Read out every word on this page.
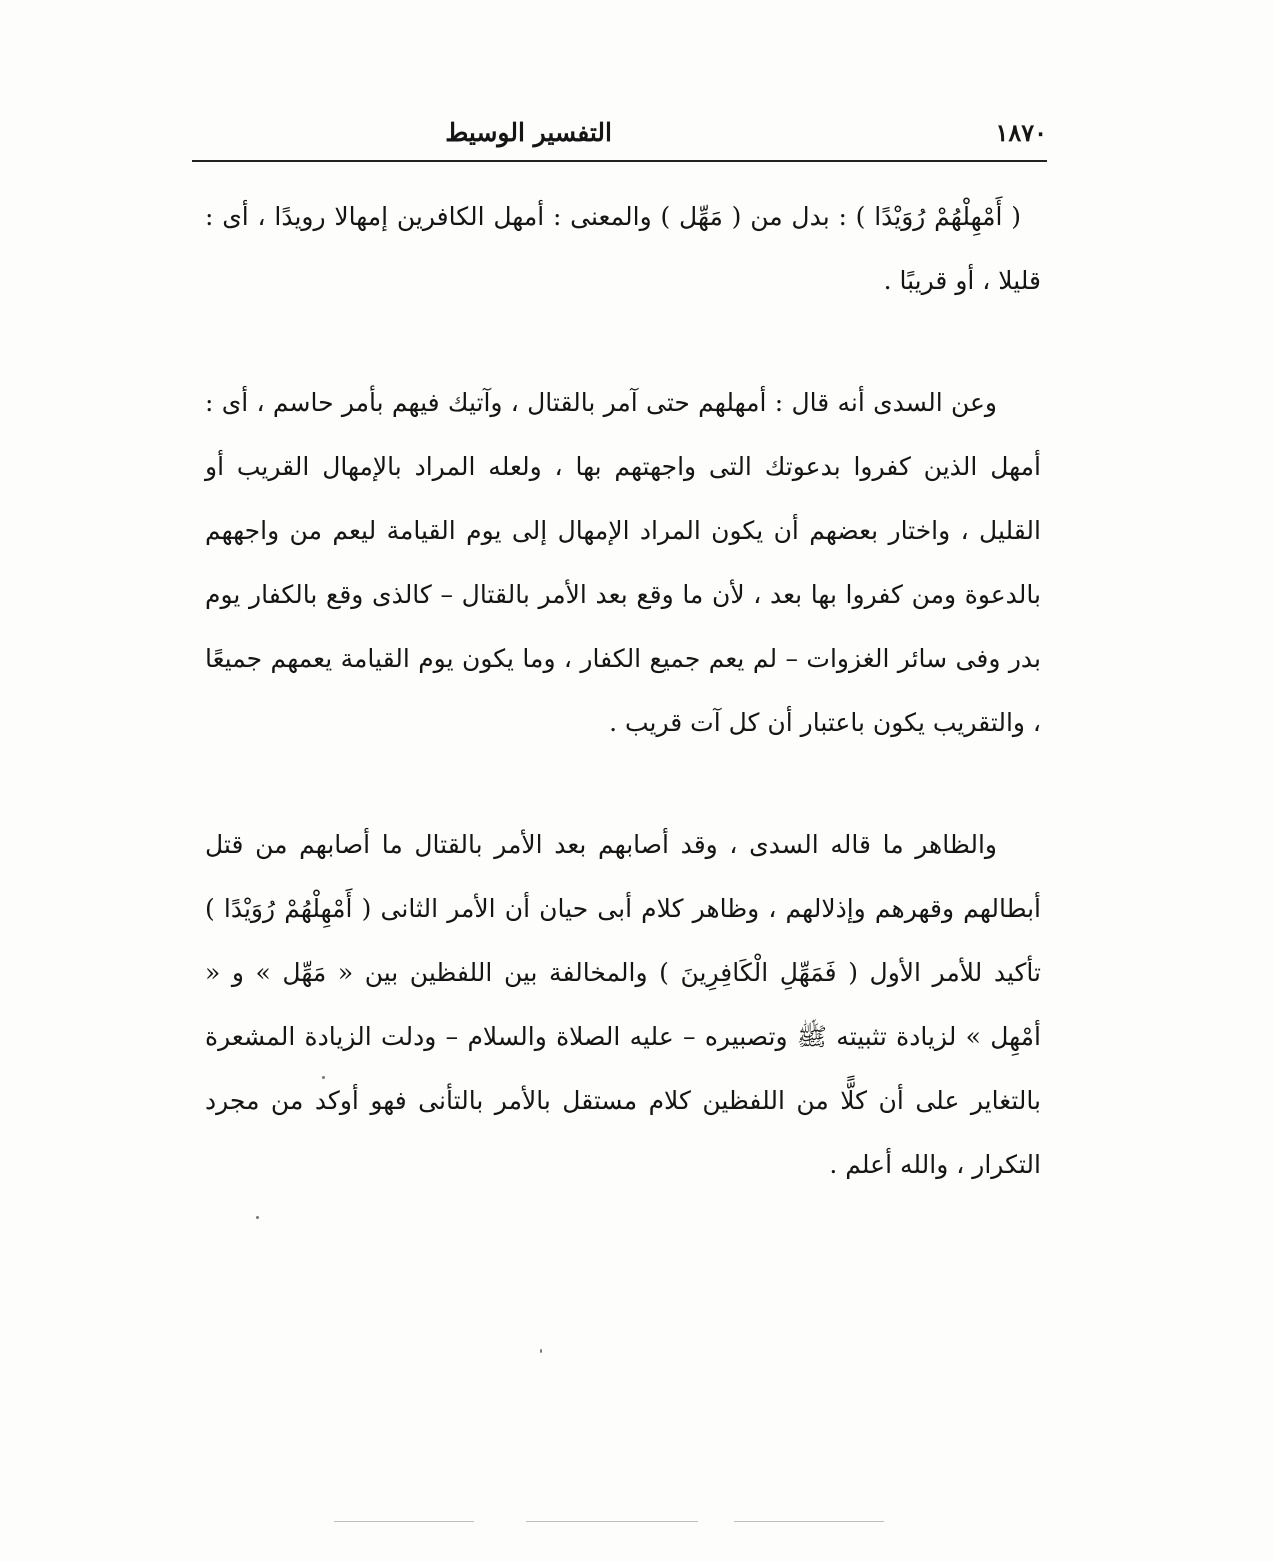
التفسير الوسيط	١٨٧٠

( أَمْهِلْهُمْ رُوَيْدًا ) : بدل من ( مَهِّل ) والمعنى : أمهل الكافرين إمهالا رويدًا ، أى : قليلا ، أو قريبًا .

وعن السدى أنه قال : أمهلهم حتى آمر بالقتال ، وآتيك فيهم بأمر حاسم ، أى : أمهل الذين كفروا بدعوتك التى واجهتهم بها ، ولعله المراد بالإمهال القريب أو القليل ، واختار بعضهم أن يكون المراد الإمهال إلى يوم القيامة ليعم من واجههم بالدعوة ومن كفروا بها بعد ، لأن ما وقع بعد الأمر بالقتال – كالذى وقع بالكفار يوم بدر وفى سائر الغزوات – لم يعم جميع الكفار ، وما يكون يوم القيامة يعمهم جميعًا ، والتقريب يكون باعتبار أن كل آت قريب .

والظاهر ما قاله السدى ، وقد أصابهم بعد الأمر بالقتال ما أصابهم من قتل أبطالهم وقهرهم وإذلالهم ، وظاهر كلام أبى حيان أن الأمر الثانى ( أَمْهِلْهُمْ رُوَيْدًا ) تأكيد للأمر الأول ( فَمَهِّلِ الْكَافِرِينَ ) والمخالفة بين اللفظين بين « مَهِّل » و « أمْهِل » لزيادة تثبيته ﷺ وتصبيره – عليه الصلاة والسلام – ودلت الزيادة المشعرة بالتغاير على أن كلًّا من اللفظين كلام مستقل بالأمر بالتأنى فهو أوكد من مجرد التكرار ، والله أعلم .
